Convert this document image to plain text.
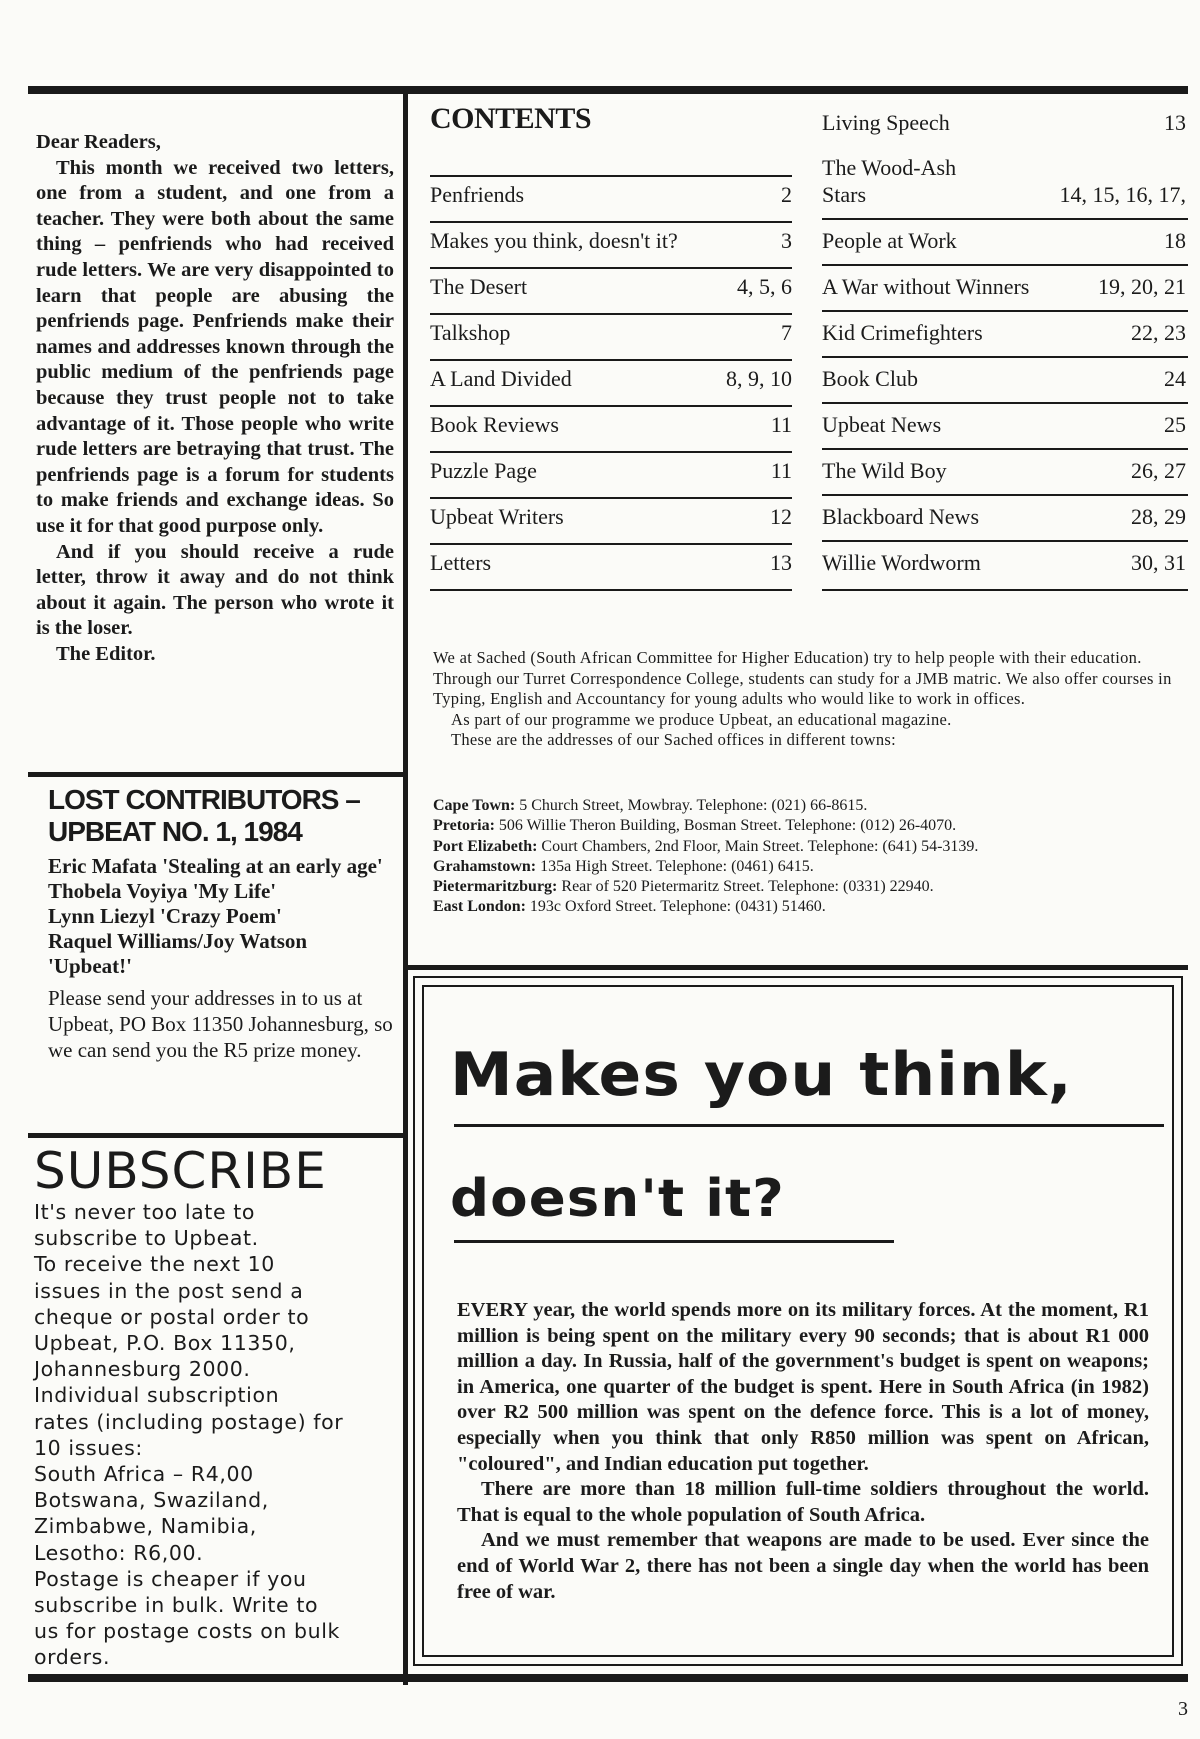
Dear Readers,

This month we received two letters, one from a student, and one from a teacher. They were both about the same thing – penfriends who had received rude letters. We are very disappointed to learn that people are abusing the penfriends page. Penfriends make their names and addresses known through the public medium of the penfriends page because they trust people not to take advantage of it. Those people who write rude letters are betraying that trust. The penfriends page is a forum for students to make friends and exchange ideas. So use it for that good purpose only.

And if you should receive a rude letter, throw it away and do not think about it again. The person who wrote it is the loser.

The Editor.

LOST CONTRIBUTORS – UPBEAT NO. 1, 1984
Eric Mafata 'Stealing at an early age'
Thobela Voyiya 'My Life'
Lynn Liezyl 'Crazy Poem'
Raquel Williams/Joy Watson 'Upbeat!'
Please send your addresses in to us at Upbeat, PO Box 11350 Johannesburg, so we can send you the R5 prize money.
SUBSCRIBE
It's never too late to
subscribe to Upbeat.
To receive the next 10
issues in the post send a
cheque or postal order to
Upbeat, P.O. Box 11350,
Johannesburg 2000.
Individual subscription
rates (including postage) for
10 issues:
South Africa – R4,00
Botswana, Swaziland,
Zimbabwe, Namibia,
Lesotho: R6,00.
Postage is cheaper if you
subscribe in bulk. Write to
us for postage costs on bulk
orders.
CONTENTS
Penfriends	2
Makes you think, doesn't it?	3
The Desert	4, 5, 6
Talkshop	7
A Land Divided	8, 9, 10
Book Reviews	11
Puzzle Page	11
Upbeat Writers	12
Letters	13
Living Speech	13
The Wood-Ash Stars	14, 15, 16, 17,
People at Work	18
A War without Winners	19, 20, 21
Kid Crimefighters	22, 23
Book Club	24
Upbeat News	25
The Wild Boy	26, 27
Blackboard News	28, 29
Willie Wordworm	30, 31

We at Sached (South African Committee for Higher Education) try to help people with their education. Through our Turret Correspondence College, students can study for a JMB matric. We also offer courses in Typing, English and Accountancy for young adults who would like to work in offices.

As part of our programme we produce Upbeat, an educational magazine.

These are the addresses of our Sached offices in different towns:

Cape Town: 5 Church Street, Mowbray. Telephone: (021) 66-8615.
Pretoria: 506 Willie Theron Building, Bosman Street. Telephone: (012) 26-4070.
Port Elizabeth: Court Chambers, 2nd Floor, Main Street. Telephone: (641) 54-3139.
Grahamstown: 135a High Street. Telephone: (0461) 6415.
Pietermaritzburg: Rear of 520 Pietermaritz Street. Telephone: (0331) 22940.
East London: 193c Oxford Street. Telephone: (0431) 51460.
Makes you think,
doesn't it?

EVERY year, the world spends more on its military forces. At the moment, R1 million is being spent on the military every 90 seconds; that is about R1 000 million a day. In Russia, half of the government's budget is spent on weapons; in America, one quarter of the budget is spent. Here in South Africa (in 1982) over R2 500 million was spent on the defence force. This is a lot of money, especially when you think that only R850 million was spent on African, "coloured", and Indian education put together.

There are more than 18 million full-time soldiers throughout the world. That is equal to the whole population of South Africa.

And we must remember that weapons are made to be used. Ever since the end of World War 2, there has not been a single day when the world has been free of war.

3
